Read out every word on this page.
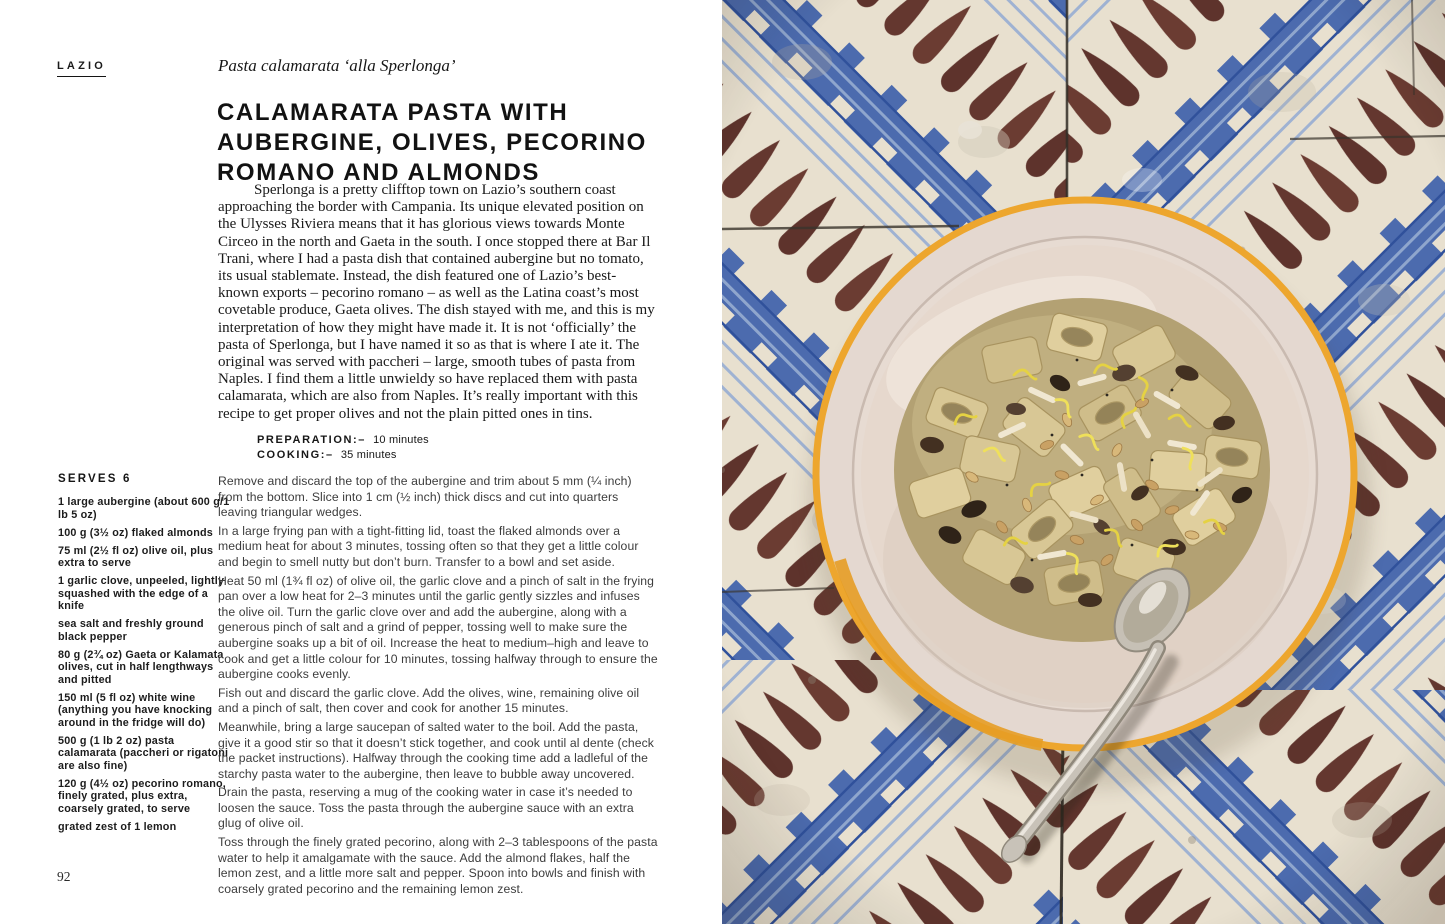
LAZIO	Pasta calamarata ‘alla Sperlonga’
CALAMARATA PASTA WITH
AUBERGINE, OLIVES, PECORINO
ROMANO AND ALMONDS

Sperlonga is a pretty clifftop town on Lazio’s southern coast approaching the border with Campania. Its unique elevated position on the Ulysses Riviera means that it has glorious views towards Monte Circeo in the north and Gaeta in the south. I once stopped there at Bar Il Trani, where I had a pasta dish that contained aubergine but no tomato, its usual stablemate. Instead, the dish featured one of Lazio’s best-known exports – pecorino romano – as well as the Latina coast’s most covetable produce, Gaeta olives. The dish stayed with me, and this is my interpretation of how they might have made it. It is not ‘officially’ the pasta of Sperlonga, but I have named it so as that is where I ate it. The original was served with paccheri – large, smooth tubes of pasta from Naples. I find them a little unwieldy so have replaced them with pasta calamarata, which are also from Naples. It’s really important with this recipe to get proper olives and not the plain pitted ones in tins.

PREPARATION:– 10 minutes
COOKING:– 35 minutes
SERVES 6

1 large aubergine (about 600 g/1 lb 5 oz)

100 g (3½ oz) flaked almonds

75 ml (2½ fl oz) olive oil, plus extra to serve

1 garlic clove, unpeeled, lightly squashed with the edge of a knife

sea salt and freshly ground black pepper

80 g (2¾ oz) Gaeta or Kalamata olives, cut in half lengthways and pitted

150 ml (5 fl oz) white wine (anything you have knocking around in the fridge will do)

500 g (1 lb 2 oz) pasta calamarata (paccheri or rigatoni are also fine)

120 g (4½ oz) pecorino romano, finely grated, plus extra, coarsely grated, to serve

grated zest of 1 lemon

Remove and discard the top of the aubergine and trim about 5 mm (¼ inch) from the bottom. Slice into 1 cm (½ inch) thick discs and cut into quarters leaving triangular wedges.

In a large frying pan with a tight-fitting lid, toast the flaked almonds over a medium heat for about 3 minutes, tossing often so that they get a little colour and begin to smell nutty but don’t burn. Transfer to a bowl and set aside.

Heat 50 ml (1¾ fl oz) of olive oil, the garlic clove and a pinch of salt in the frying pan over a low heat for 2–3 minutes until the garlic gently sizzles and infuses the olive oil. Turn the garlic clove over and add the aubergine, along with a generous pinch of salt and a grind of pepper, tossing well to make sure the aubergine soaks up a bit of oil. Increase the heat to medium–high and leave to cook and get a little colour for 10 minutes, tossing halfway through to ensure the aubergine cooks evenly.

Fish out and discard the garlic clove. Add the olives, wine, remaining olive oil and a pinch of salt, then cover and cook for another 15 minutes.

Meanwhile, bring a large saucepan of salted water to the boil. Add the pasta, give it a good stir so that it doesn’t stick together, and cook until al dente (check the packet instructions). Halfway through the cooking time add a ladleful of the starchy pasta water to the aubergine, then leave to bubble away uncovered.

Drain the pasta, reserving a mug of the cooking water in case it’s needed to loosen the sauce. Toss the pasta through the aubergine sauce with an extra glug of olive oil.

Toss through the finely grated pecorino, along with 2–3 tablespoons of the pasta water to help it amalgamate with the sauce. Add the almond flakes, half the lemon zest, and a little more salt and pepper. Spoon into bowls and finish with coarsely grated pecorino and the remaining lemon zest.

92
